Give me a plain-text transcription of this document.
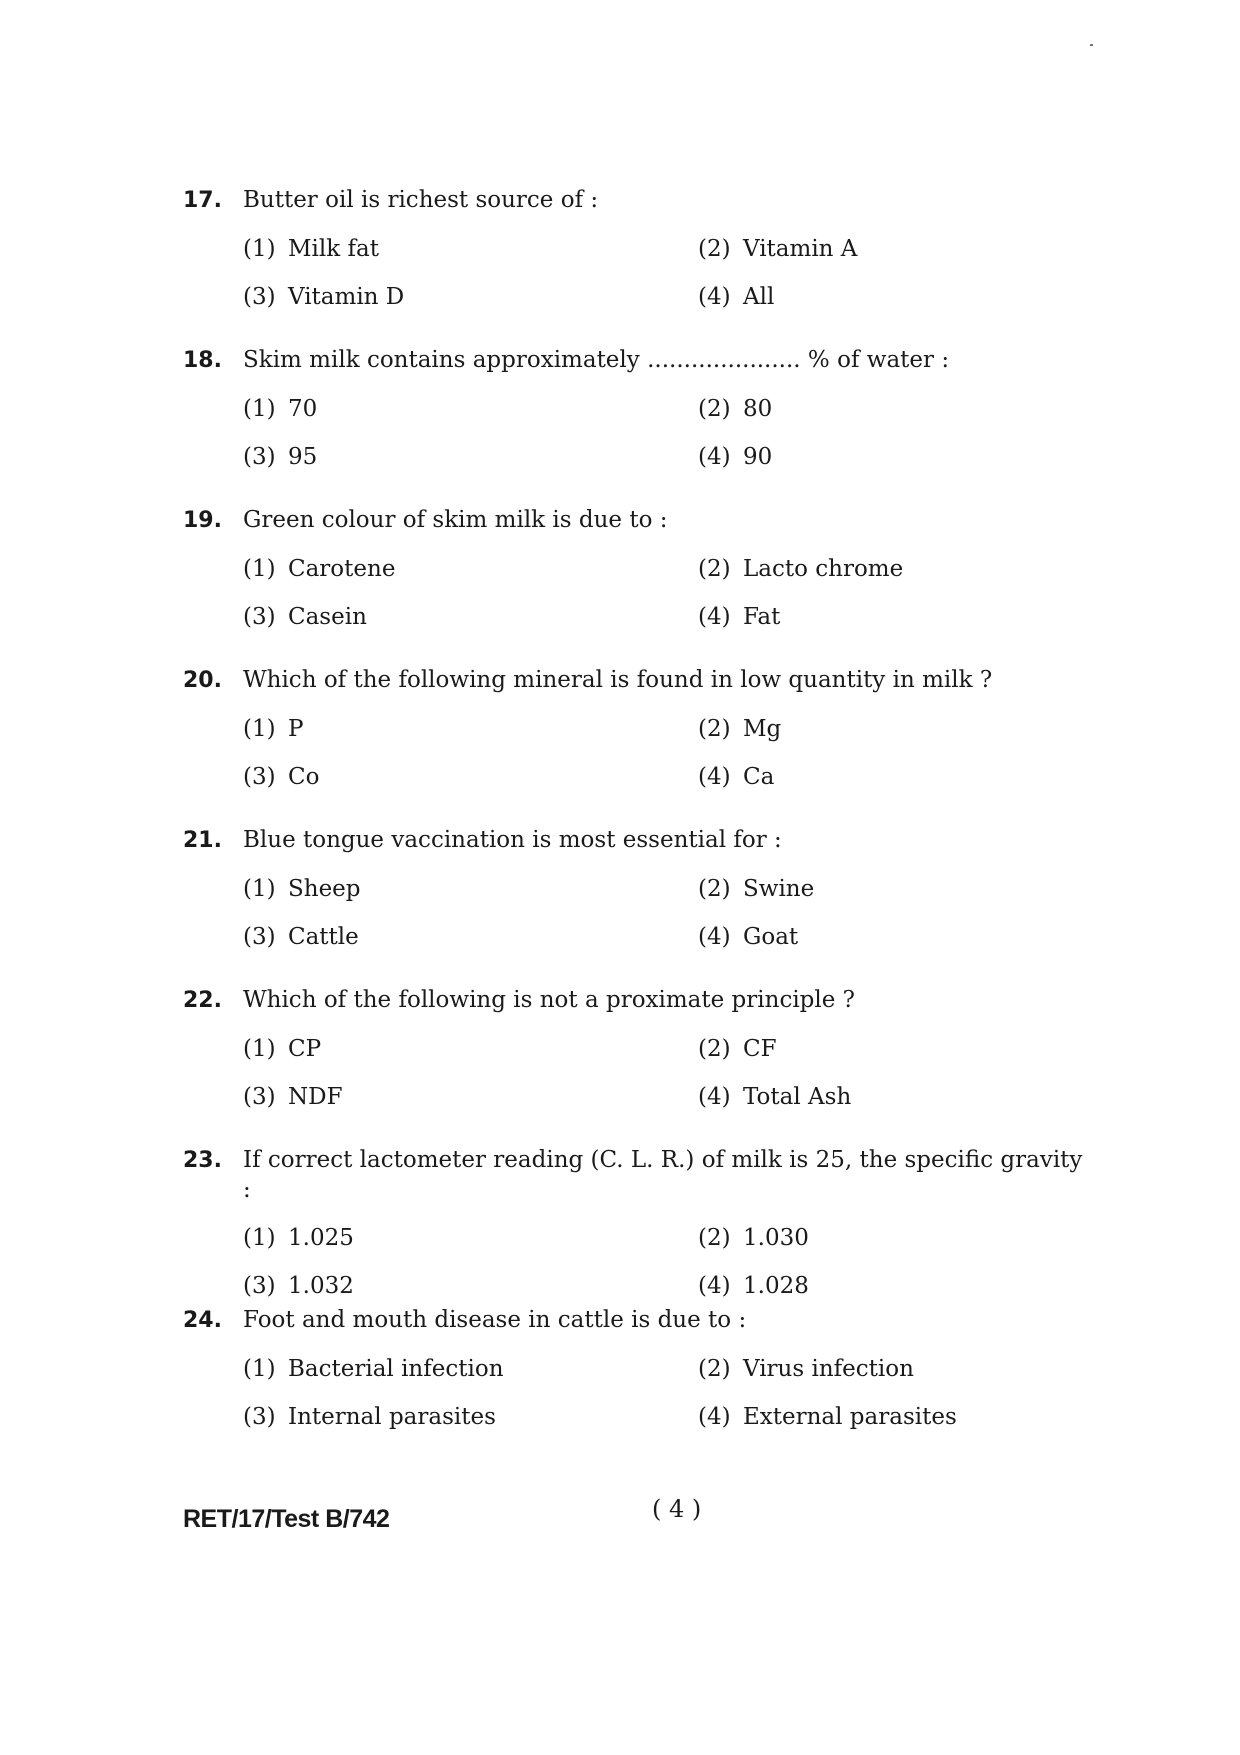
17. Butter oil is richest source of :
(1) Milk fat	(2) Vitamin A
(3) Vitamin D	(4) All
18. Skim milk contains approximately ..................... % of water :
(1) 70	(2) 80
(3) 95	(4) 90
19. Green colour of skim milk is due to :
(1) Carotene	(2) Lacto chrome
(3) Casein	(4) Fat
20. Which of the following mineral is found in low quantity in milk ?
(1) P	(2) Mg
(3) Co	(4) Ca
21. Blue tongue vaccination is most essential for :
(1) Sheep	(2) Swine
(3) Cattle	(4) Goat
22. Which of the following is not a proximate principle ?
(1) CP	(2) CF
(3) NDF	(4) Total Ash
23. If correct lactometer reading (C. L. R.) of milk is 25, the specific gravity :
(1) 1.025	(2) 1.030
(3) 1.032	(4) 1.028
24. Foot and mouth disease in cattle is due to :
(1) Bacterial infection	(2) Virus infection
(3) Internal parasites	(4) External parasites
RET/17/Test B/742	( 4 )
